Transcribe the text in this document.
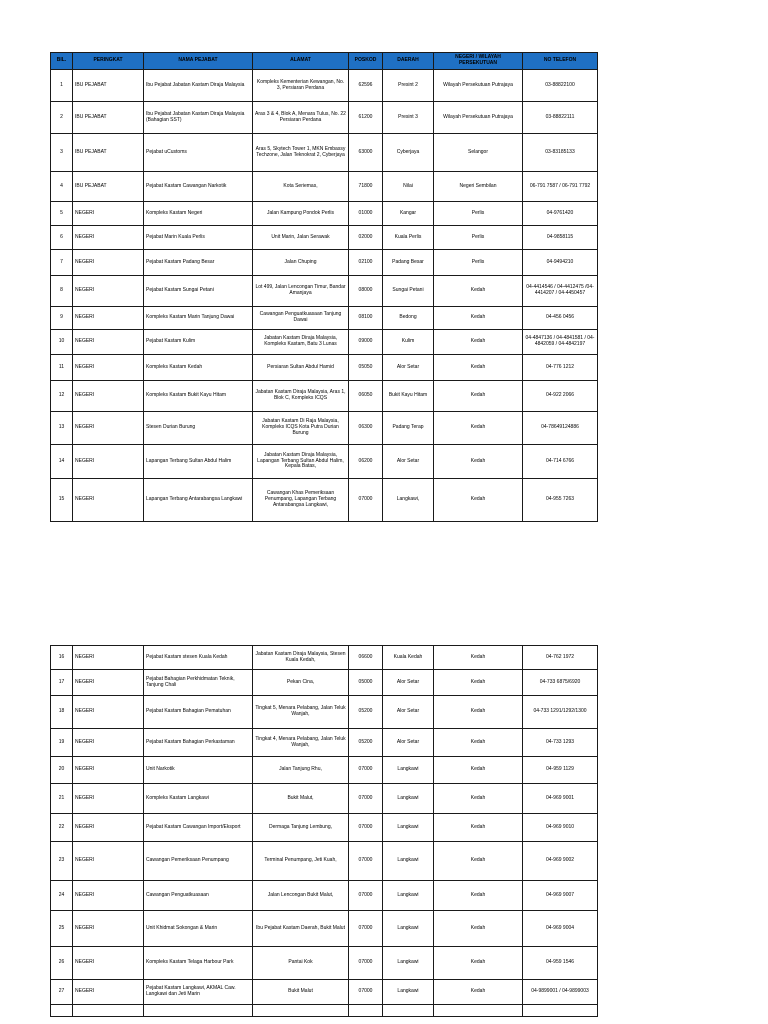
BIL.	PERINGKAT	NAMA PEJABAT	ALAMAT	POSKOD	DAERAH	NEGERI / WILAYAH PERSEKUTUAN	NO TELEFON
1	IBU PEJABAT	Ibu Pejabat Jabatan Kastam Diraja Malaysia	Kompleks Kementerian Kewangan, No. 3, Persiaran Perdana	62596	Presint 2	Wilayah Persekutuan Putrajaya	03-88822100
2	IBU PEJABAT	Ibu Pejabat Jabatan Kastam Diraja Malaysia (Bahagian SST)	Aras 3 & 4, Blok A, Menara Tulus, No. 22 Persiaran Perdana	61200	Presint 3	Wilayah Persekutuan Putrajaya	03-88822111
3	IBU PEJABAT	Pejabat uCustoms	Aras 5, Skytech Tower 1, MKN Embassy Techzone, Jalan Teknokrat 2, Cyberjaya	63000	Cyberjaya	Selangor	03-83185133
4	IBU PEJABAT	Pejabat Kastam Cawangan Narkotik	Kota Seriemas,	71800	Nilai	Negeri Sembilan	06-791 7587 / 06-791 7792
5	NEGERI	Kompleks Kastam Negeri	Jalan Kampung Pondok Perlis	01000	Kangar	Perlis	04-9761420
6	NEGERI	Pejabat Marin Kuala Perlis	Unit Marin, Jalan Serawak	02000	Kuala Perlis	Perlis	04-9858115
7	NEGERI	Pejabat Kastam Padang Besar	Jalan Chuping	02100	Padang Besar	Perlis	04-9494210
8	NEGERI	Pejabat Kastam Sungai Petani	Lot 499, Jalan Lencongan Timur, Bandar Amanjaya	08000	Sungai Petani	Kedah	04-4414546 / 04-4412475 /04-4414207 / 04-4450457
9	NEGERI	Kompleks Kastam Marin Tanjung Dawai	Cawangan Penguatkuasaan Tanjung Dawai	08100	Bedong	Kedah	04-456 0456
10	NEGERI	Pejabat Kastam Kulim	Jabatan Kastam Diraja Malaysia, Kompleks Kastam, Batu 3 Lunas	09000	Kulim	Kedah	04-4847136 / 04-4841581 / 04-4842059 / 04-4842197
11	NEGERI	Kompleks Kastam Kedah	Persiaran Sultan Abdul Hamid	05050	Alor Setar	Kedah	04-776 1212
12	NEGERI	Kompleks Kastam Bukit Kayu Hitam	Jabatan Kastam Diraja Malaysia, Aras 1, Blok C, Kompleks ICQS	06050	Bukit Kayu Hitam	Kedah	04-922 2066
13	NEGERI	Stesen Durian Burung	Jabatan Kastam Di Raja Malaysia, Kompleks ICQS Kota Putra Durian Burung	06300	Padang Terap	Kedah	04-78649124886
14	NEGERI	Lapangan Terbang Sultan Abdul Halim	Jabatan Kastam Diraja Malaysia, Lapangan Terbang Sultan Abdul Halim, Kepala Batas,	06200	Alor Setar	Kedah	04-714 6766
15	NEGERI	Lapangan Terbang Antarabangsa Langkawi	Cawangan Khas Pemeriksaan Penumpang, Lapangan Terbang Antarabangsa Langkawi,	07000	Langkawi,	Kedah	04-955 7263
16	NEGERI	Pejabat Kastam stesen Kuala Kedah	Jabatan Kastam Diraja Malaysia, Stesen Kuala Kedah,	06600	Kuala Kedah	Kedah	04-762 1972
17	NEGERI	Pejabat Bahagian Perkhidmatan Teknik, Tanjung Chali	Pekan Cina,	05000	Alor Setar	Kedah	04-733 6875/6920
18	NEGERI	Pejabat Kastam Bahagian Pematuhan	Tingkat 5, Menara Pelabang, Jalan Teluk Wanjah,	05200	Alor Setar	Kedah	04-733 1291/1292/1300
19	NEGERI	Pejabat Kastam Bahagian Perkastaman	Tingkat 4, Menara Pelabang, Jalan Teluk Wanjah,	05200	Alor Setar	Kedah	04-733 1293
20	NEGERI	Unit Narkotik	Jalan Tanjung Rhu,	07000	Langkawi	Kedah	04-959 1129
21	NEGERI	Kompleks Kastam Langkawi	Bukit Malut,	07000	Langkawi	Kedah	04-969 9001
22	NEGERI	Pejabat Kastam Cawangan Import/Eksport	Dermaga Tanjung Lembung,	07000	Langkawi	Kedah	04-969 9010
23	NEGERI	Cawangan Pemeriksaan Penumpang	Terminal Penumpang, Jeti Kuah,	07000	Langkawi	Kedah	04-969 9002
24	NEGERI	Cawangan Penguatkuasaan	Jalan Lencongan Bukit Malut,	07000	Langkawi	Kedah	04-969 9007
25	NEGERI	Unit Khidmat Sokongan & Marin	Ibu Pejabat Kastam Daerah, Bukit Malut	07000	Langkawi	Kedah	04-969 9004
26	NEGERI	Kompleks Kastam Telaga Harbour Park	Pantai Kok	07000	Langkawi	Kedah	04-959 1546
27	NEGERI	Pejabat Kastam Langkawi, AKMAL Caw. Langkawi dan Jeti Marin	Bukit Malut	07000	Langkawi	Kedah	04-9899001 / 04-9899003
